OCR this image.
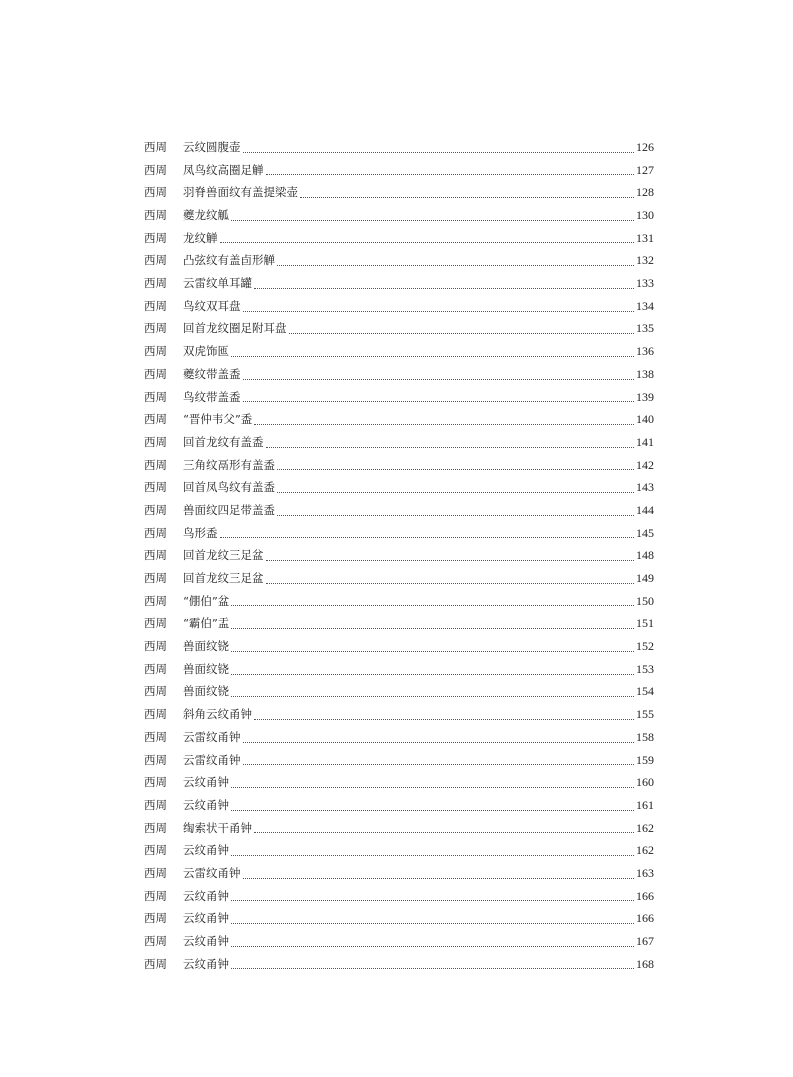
西周	云纹圆腹壶	126
西周	凤鸟纹高圈足觯	127
西周	羽脊兽面纹有盖提梁壶	128
西周	夔龙纹觚	130
西周	龙纹觯	131
西周	凸弦纹有盖卣形觯	132
西周	云雷纹单耳罐	133
西周	鸟纹双耳盘	134
西周	回首龙纹圈足附耳盘	135
西周	双虎饰匜	136
西周	夔纹带盖盉	138
西周	鸟纹带盖盉	139
西周	“晋仲韦父”盉	140
西周	回首龙纹有盖盉	141
西周	三角纹鬲形有盖盉	142
西周	回首凤鸟纹有盖盉	143
西周	兽面纹四足带盖盉	144
西周	鸟形盉	145
西周	回首龙纹三足盆	148
西周	回首龙纹三足盆	149
西周	“倗伯”盆	150
西周	“霸伯”盂	151
西周	兽面纹铙	152
西周	兽面纹铙	153
西周	兽面纹铙	154
西周	斜角云纹甬钟	155
西周	云雷纹甬钟	158
西周	云雷纹甬钟	159
西周	云纹甬钟	160
西周	云纹甬钟	161
西周	绹索状干甬钟	162
西周	云纹甬钟	162
西周	云雷纹甬钟	163
西周	云纹甬钟	166
西周	云纹甬钟	166
西周	云纹甬钟	167
西周	云纹甬钟	168
